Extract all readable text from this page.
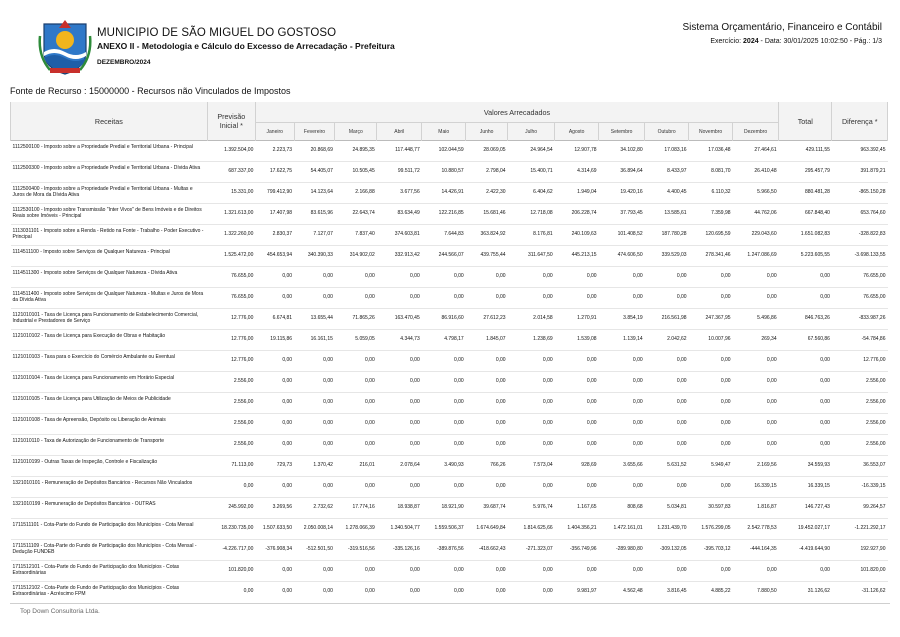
MUNICIPIO DE SÃO MIGUEL DO GOSTOSO
ANEXO II - Metodologia e Cálculo do Excesso de Arrecadação - Prefeitura
DEZEMBRO/2024
Sistema Orçamentário, Financeiro e Contábil
Exercício: 2024 - Data: 30/01/2025 10:02:50 - Pág.: 1/3
Fonte de Recurso : 15000000 - Recursos não Vinculados de Impostos
Receitas	Previsão Inicial *	Valores Arrecadados												Total	Diferença *
		Janeiro	Fevereiro	Março	Abril	Maio	Junho	Julho	Agosto	Setembro	Outubro	Novembro	Dezembro		
1112500100 - Imposto sobre a Propriedade Predial e Territorial Urbana - Principal	1.392.504,00	2.223,73	20.868,69	24.895,35	117.448,77	102.044,59	28.069,05	24.964,54	12.907,78	34.102,80	17.083,16	17.036,48	27.464,61	429.111,55	963.392,45
1112500300 - Imposto sobre a Propriedade Predial e Territorial Urbana - Dívida Ativa	687.337,00	17.622,75	54.405,07	10.505,45	99.511,72	10.880,57	2.798,04	15.400,71	4.314,69	36.894,64	8.433,97	8.081,70	26.410,48	295.457,79	391.879,21
1112500400 - Imposto sobre a Propriedade Predial e Territorial Urbana - Multas e Juros de Mora da Dívida Ativa	15.331,00	799.412,90	14.123,64	2.166,88	3.677,56	14.426,91	2.422,30	6.404,62	1.949,04	19.420,16	4.400,45	6.110,32	5.966,50	880.481,28	-865.150,28
1112530100 - Imposto sobre Transmissão "Inter Vivos" de Bens Imóveis e de Direitos Reais sobre Imóveis - Principal	1.321.613,00	17.407,98	83.615,96	22.643,74	83.634,49	122.216,85	15.681,46	12.718,08	206.228,74	37.793,45	13.585,61	7.359,98	44.762,06	667.848,40	653.764,60
1113031101 - Imposto sobre a Renda - Retido na Fonte - Trabalho - Poder Executivo - Principal	1.322.260,00	2.830,37	7.127,07	7.837,40	374.603,81	7.644,83	363.824,92	8.176,81	240.109,63	101.408,52	187.780,28	120.695,59	229.043,60	1.651.082,83	-328.822,83
1114511100 - Imposto sobre Serviços de Qualquer Natureza - Principal	1.525.472,00	454.653,94	340.390,33	314.902,02	332.913,42	244.566,07	439.755,44	311.647,50	445.213,15	474.606,50	339.529,03	278.341,46	1.247.086,69	5.223.605,55	-3.698.133,55
1114511300 - Imposto sobre Serviços de Qualquer Natureza - Dívida Ativa	76.655,00	0,00	0,00	0,00	0,00	0,00	0,00	0,00	0,00	0,00	0,00	0,00	0,00	0,00	76.655,00
1114511400 - Imposto sobre Serviços de Qualquer Natureza - Multas e Juros de Mora da Dívida Ativa	76.655,00	0,00	0,00	0,00	0,00	0,00	0,00	0,00	0,00	0,00	0,00	0,00	0,00	0,00	76.655,00
1121010101 - Taxa de Licença para Funcionamento de Estabelecimento Comercial, Industrial e Prestadores de Serviço	12.776,00	6.674,81	13.655,44	71.865,26	163.470,45	86.916,60	27.612,23	2.014,58	1.270,91	3.854,19	216.561,98	247.367,95	5.496,86	846.763,26	-833.987,26
1121010102 - Taxa de Licença para Execução de Obras e Habitação	12.776,00	19.115,86	16.161,15	5.059,05	4.344,73	4.798,17	1.845,07	1.238,69	1.539,08	1.139,14	2.042,62	10.007,96	269,34	67.560,86	-54.784,86
1121010103 - Taxa para o Exercício do Comércio Ambulante ou Eventual	12.776,00	0,00	0,00	0,00	0,00	0,00	0,00	0,00	0,00	0,00	0,00	0,00	0,00	0,00	12.776,00
1121010104 - Taxa de Licença para Funcionamento em Horário Especial	2.556,00	0,00	0,00	0,00	0,00	0,00	0,00	0,00	0,00	0,00	0,00	0,00	0,00	0,00	2.556,00
1121010105 - Taxa de Licença para Utilização de Meios de Publicidade	2.556,00	0,00	0,00	0,00	0,00	0,00	0,00	0,00	0,00	0,00	0,00	0,00	0,00	0,00	2.556,00
1121010108 - Taxa de Apreensão, Depósito ou Liberação de Animais	2.556,00	0,00	0,00	0,00	0,00	0,00	0,00	0,00	0,00	0,00	0,00	0,00	0,00	0,00	2.556,00
1121010110 - Taxa de Autorização de Funcionamento de Transporte	2.556,00	0,00	0,00	0,00	0,00	0,00	0,00	0,00	0,00	0,00	0,00	0,00	0,00	0,00	2.556,00
1121010199 - Outras Taxas de Inspeção, Controle e Fiscalização	71.113,00	729,73	1.370,42	216,01	2.078,64	3.490,93	766,26	7.573,04	928,69	3.655,66	5.631,52	5.949,47	2.169,56	34.559,93	36.553,07
1321010101 - Remuneração de Depósitos Bancários - Recursos Não Vinculados	0,00	0,00	0,00	0,00	0,00	0,00	0,00	0,00	0,00	0,00	0,00	0,00	16.339,15	16.339,15	-16.339,15
1321010199 - Remuneração de Depósitos Bancários - OUTRAS	245.992,00	3.269,56	2.732,62	17.774,16	18.938,87	18.921,90	39.687,74	5.976,74	1.167,65	808,68	5.034,81	30.597,83	1.816,87	146.727,43	99.264,57
1711511101 - Cota-Parte do Fundo de Participação dos Municípios - Cota Mensal	18.230.735,00	1.507.633,50	2.050.008,14	1.278.066,39	1.340.504,77	1.559.506,37	1.674.649,84	1.814.625,66	1.404.356,21	1.472.161,01	1.231.439,70	1.576.299,05	2.542.778,53	19.452.027,17	-1.221.292,17
1711511109 - Cota-Parte do Fundo de Participação dos Municípios - Cota Mensal - Dedução FUNDEB	-4.226.717,00	-376.908,34	-512.501,50	-319.516,56	-335.126,16	-389.876,56	-418.662,43	-271.323,07	-356.749,96	-289.980,80	-309.132,05	-395.703,12	-444.164,35	-4.419.644,90	192.927,90
1711512101 - Cota-Parte do Fundo de Participação dos Municípios - Cotas Extraordinárias	101.820,00	0,00	0,00	0,00	0,00	0,00	0,00	0,00	0,00	0,00	0,00	0,00	0,00	0,00	101.820,00
1711512102 - Cota-Parte do Fundo de Participação dos Municípios - Cotas Extraordinárias - Acréscimo FPM	0,00	0,00	0,00	0,00	0,00	0,00	0,00	0,00	9.981,97	4.562,48	3.816,45	4.885,22	7.880,50	31.126,62	-31.126,62
Top Down Consultoria Ltda.
